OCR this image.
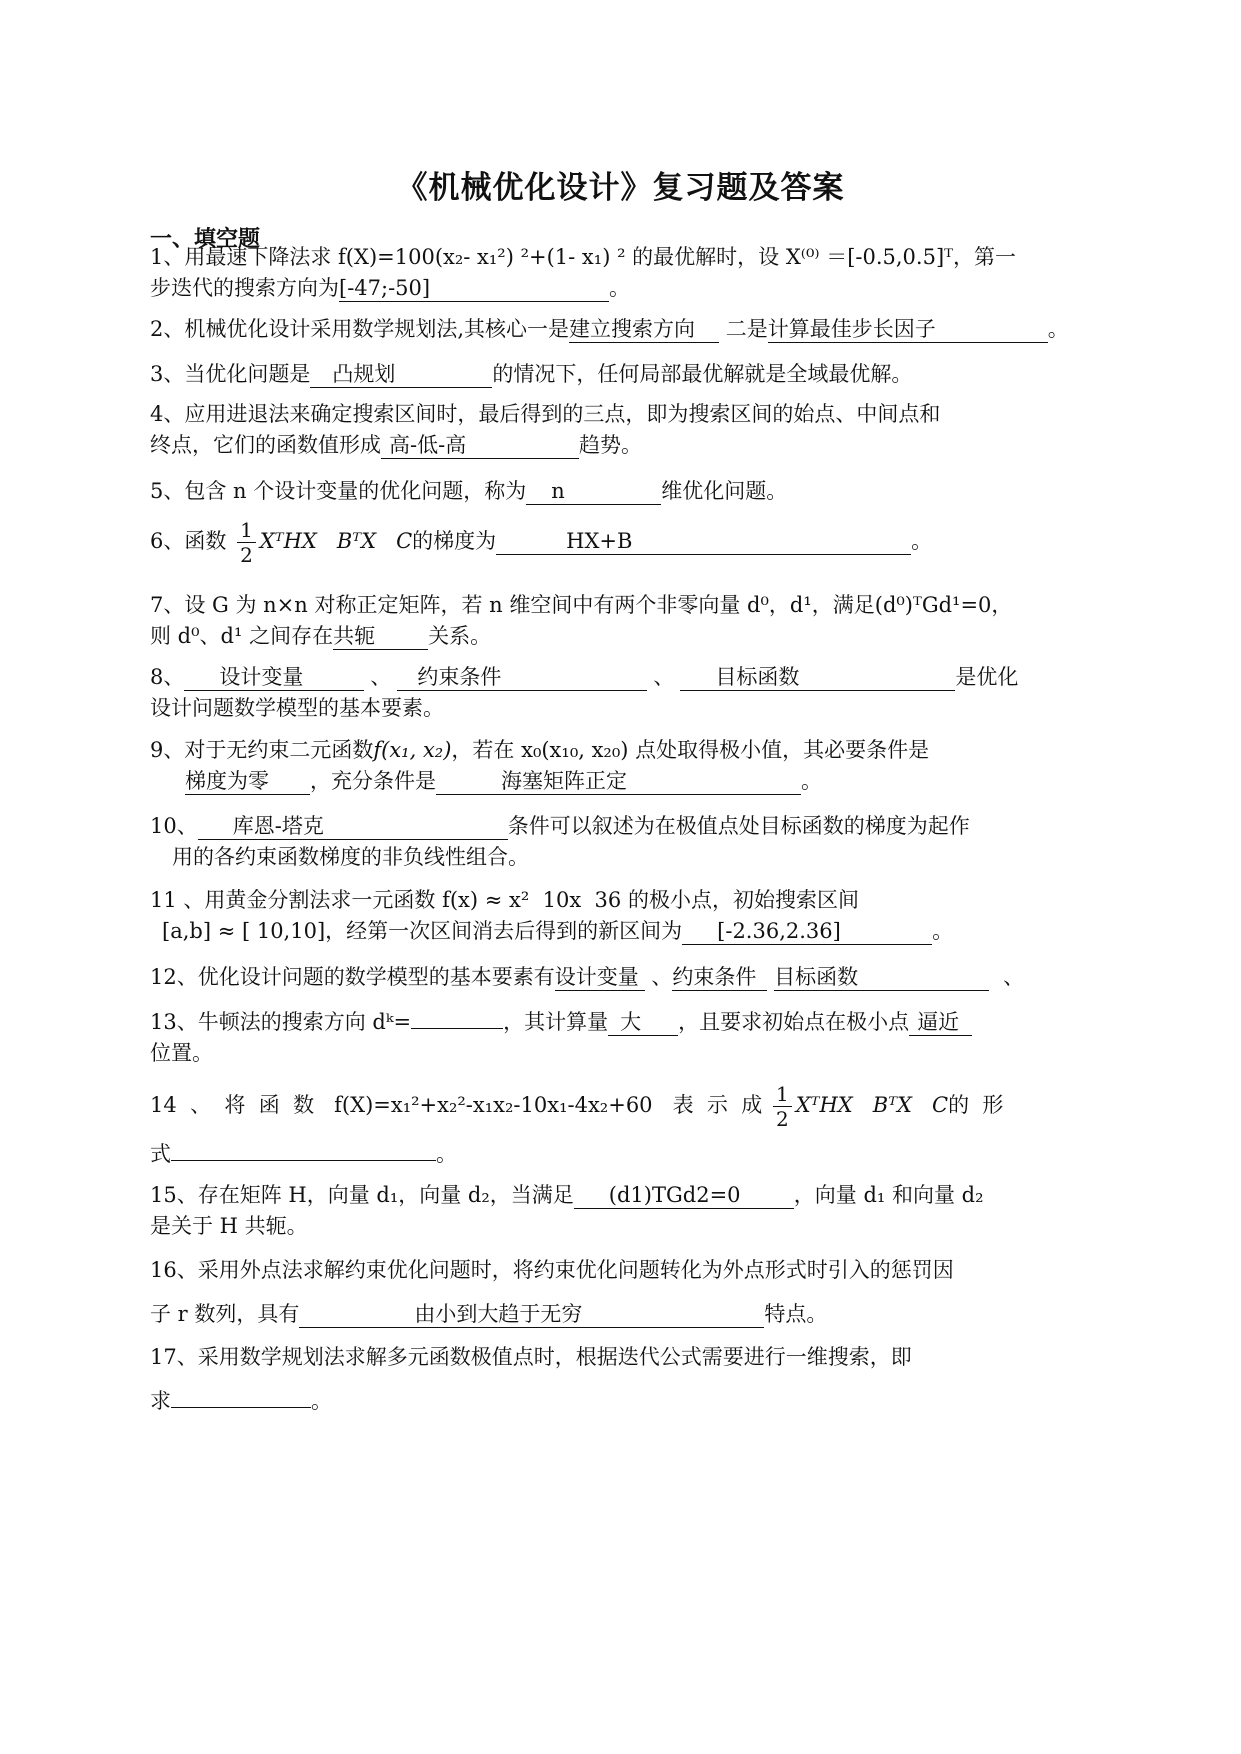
《机械优化设计》复习题及答案
一、填空题
1、用最速下降法求 f(X)=100(x₂- x₁²) ²+(1- x₁) ² 的最优解时，设 X⁽⁰⁾ ＝[-0.5,0.5]ᵀ，第一
步迭代的搜索方向为[-47;-50]	。
2、机械优化设计采用数学规划法,其核心一是建立搜索方向 二是计算最佳步长因子	。
3、当优化问题是 凸规划	的情况下，任何局部最优解就是全域最优解。
4、应用进退法来确定搜索区间时，最后得到的三点，即为搜索区间的始点、中间点和
终点，它们的函数值形成 高-低-高	趋势。
5、包含 n 个设计变量的优化问题，称为 n	维优化问题。
6、函数 $\frac{1}{2}$ XᵀHX   BᵀX   C的梯度为	HX+B	。
7、设 G 为 n×n 对称正定矩阵，若 n 维空间中有两个非零向量 d⁰，d¹，满足(d⁰)ᵀGd¹=0，
则 d⁰、d¹ 之间存在共轭	关系。
8、 设计变量	、 约束条件	、 目标函数	是优化
设计问题数学模型的基本要素。
9、对于无约束二元函数f(x₁, x₂)，若在 x₀(x₁₀, x₂₀) 点处取得极小值，其必要条件是
梯度为零 ，充分条件是	海塞矩阵正定	。
10、 库恩-塔克	条件可以叙述为在极值点处目标函数的梯度为起作
用的各约束函数梯度的非负线性组合。
11 、用黄金分割法求一元函数 f(x) ≈ x²  10x  36 的极小点，初始搜索区间
[a,b] ≈ [ 10,10]，经第一次区间消去后得到的新区间为 [-2.36,2.36]	。
12、优化设计问题的数学模型的基本要素有设计变量 、约束条件 目标函数	、
13、牛顿法的搜索方向 dᵏ=	，其计算量 大 ，且要求初始点在极小点 逼近
位置。
14  、  将  函  数   f(X)=x₁²+x₂²-x₁x₂-10x₁-4x₂+60   表  示  成 $\frac{1}{2}$ XᵀHX   BᵀX   C的  形
式	。
15、存在矩阵 H，向量 d₁，向量 d₂，当满足 (d1)TGd2=0	，向量 d₁ 和向量 d₂
是关于 H 共轭。
16、采用外点法求解约束优化问题时，将约束优化问题转化为外点形式时引入的惩罚因
子 r 数列，具有	由小到大趋于无穷	特点。
17、采用数学规划法求解多元函数极值点时，根据迭代公式需要进行一维搜索，即
求	。
